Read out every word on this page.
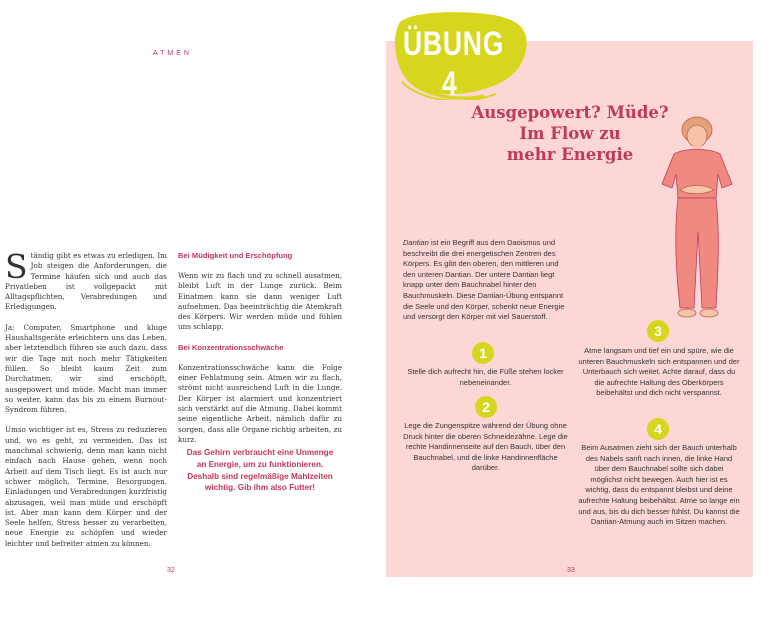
ATMEN

Ständig gibt es etwas zu erledigen. Im Job steigen die Anforderungen, die Termine häufen sich und auch das Privatleben ist vollgepackt mit Alltagspflichten, Verabredungen und Erledigungen.

Ja: Computer, Smartphone und kluge Haushaltsgeräte erleichtern uns das Leben, aber letztendlich führen sie auch dazu, dass wir die Tage mit noch mehr Tätigkeiten füllen. So bleibt kaum Zeit zum Durchatmen, wir sind erschöpft, ausgepowert und müde. Macht man immer so weiter, kann das bis zu einem Burnout-Syndrom führen.

Umso wichtiger ist es, Stress zu reduzieren und, wo es geht, zu vermeiden. Das ist manchmal schwierig, denn man kann nicht einfach nach Hause gehen, wenn noch Arbeit auf dem Tisch liegt. Es ist auch nur schwer möglich, Termine, Besorgungen, Einladungen und Verabredungen kurzfristig abzusagen, weil man müde und erschöpft ist. Aber man kann dem Körper und der Seele helfen, Stress besser zu verarbeiten, neue Energie zu schöpfen und wieder leichter und befreiter atmen zu können.

Bei Müdigkeit und Erschöpfung

Wenn wir zu flach und zu schnell ausatmen, bleibt Luft in der Lunge zurück. Beim Einatmen kann sie dann weniger Luft aufnehmen. Das beeinträchtig die Atemkraft des Körpers. Wir werden müde und fühlen uns schlapp.

Bei Konzentrationsschwäche

Konzentrationsschwäche kann die Folge einer Fehlatmung sein. Atmen wir zu flach, strömt nicht ausreichend Luft in die Lunge. Der Körper ist alarmiert und konzentriert sich verstärkt auf die Atmung. Dabei kommt seine eigentliche Arbeit, nämlich dafür zu sorgen, dass alle Organe richtig arbeiten, zu kurz.

Das Gehirn verbraucht eine Unmenge an Energie, um zu funktionieren. Deshalb sind regelmäßige Mahlzeiten wichtig. Gib ihm also Futter!
32
ÜBUNG 4
Ausgepowert? Müde?
Im Flow zu
mehr Energie
Dantian ist ein Begriff aus dem Daoismus und beschreibt die drei energetischen Zentren des Körpers. Es gibt den oberen, den mittleren und den unteren Dantian. Der untere Dantian liegt knapp unter dem Bauchnabel hinter den Bauchmuskeln. Diese Dantian-Übung entspannt die Seele und den Körper, schenkt neue Energie und versorgt den Körper mit viel Sauerstoff.
1
Stelle dich aufrecht hin, die Füße stehen locker nebeneinander.
2
Lege die Zungenspitze während der Übung ohne Druck hinter die oberen Schneidezähne. Lege die rechte Handinnenseite auf den Bauch, über den Bauchnabel, und die linke Handinnenfläche darüber.
3
Atme langsam und tief ein und spüre, wie die unteren Bauchmuskeln sich entspannen und der Unterbauch sich weitet. Achte darauf, dass du die aufrechte Haltung des Oberkörpers beibehältst und dich nicht verspannst.
4
Beim Ausatmen zieht sich der Bauch unterhalb des Nabels sanft nach innen, die linke Hand über dem Bauchnabel sollte sich dabei möglichst nicht bewegen. Auch hier ist es wichtig, dass du entspannt bleibst und deine aufrechte Haltung beibehältst. Atme so lange ein und aus, bis du dich besser fühlst. Du kannst die Dantian-Atmung auch im Sitzen machen.
33
